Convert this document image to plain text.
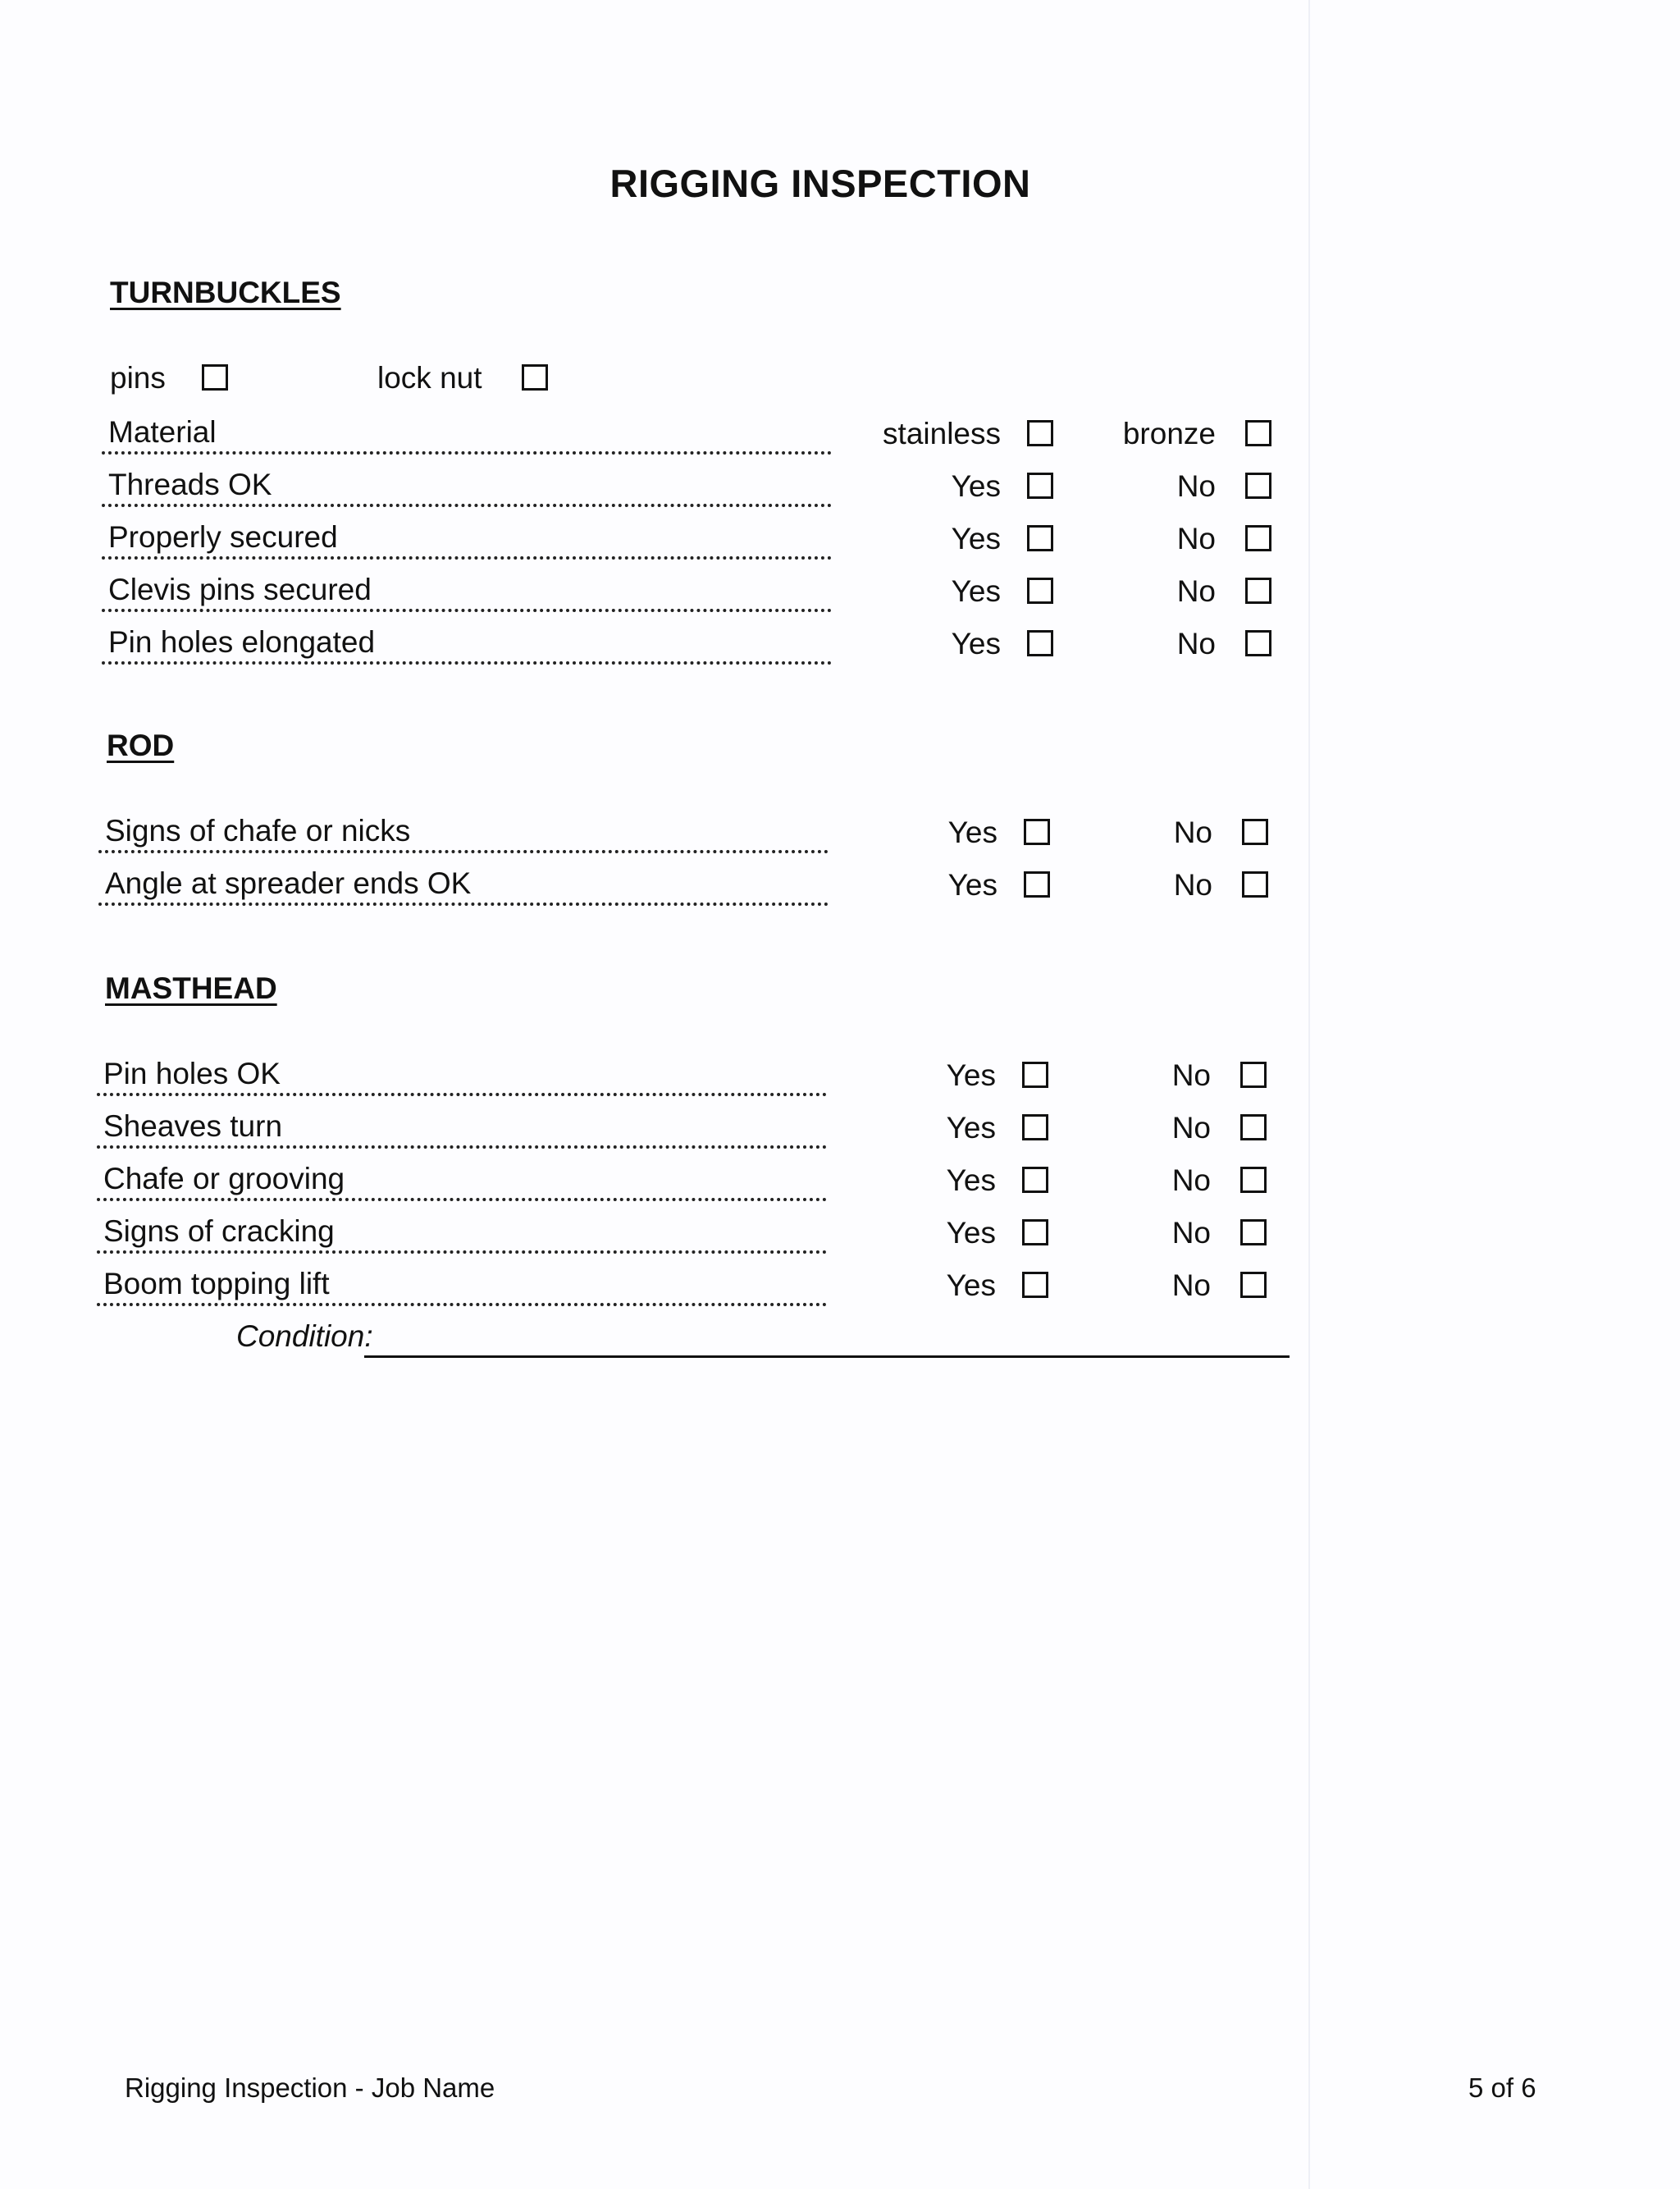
RIGGING INSPECTION
TURNBUCKLES
pins	lock nut
Material	stainless	bronze
Threads OK	Yes	No
Properly secured	Yes	No
Clevis pins secured	Yes	No
Pin holes elongated	Yes	No
ROD
Signs of chafe or nicks	Yes	No
Angle at spreader ends OK	Yes	No
MASTHEAD
Pin holes OK	Yes	No
Sheaves turn	Yes	No
Chafe or grooving	Yes	No
Signs of cracking	Yes	No
Boom topping lift	Yes	No
Condition:
Rigging Inspection - Job Name	5 of 6
